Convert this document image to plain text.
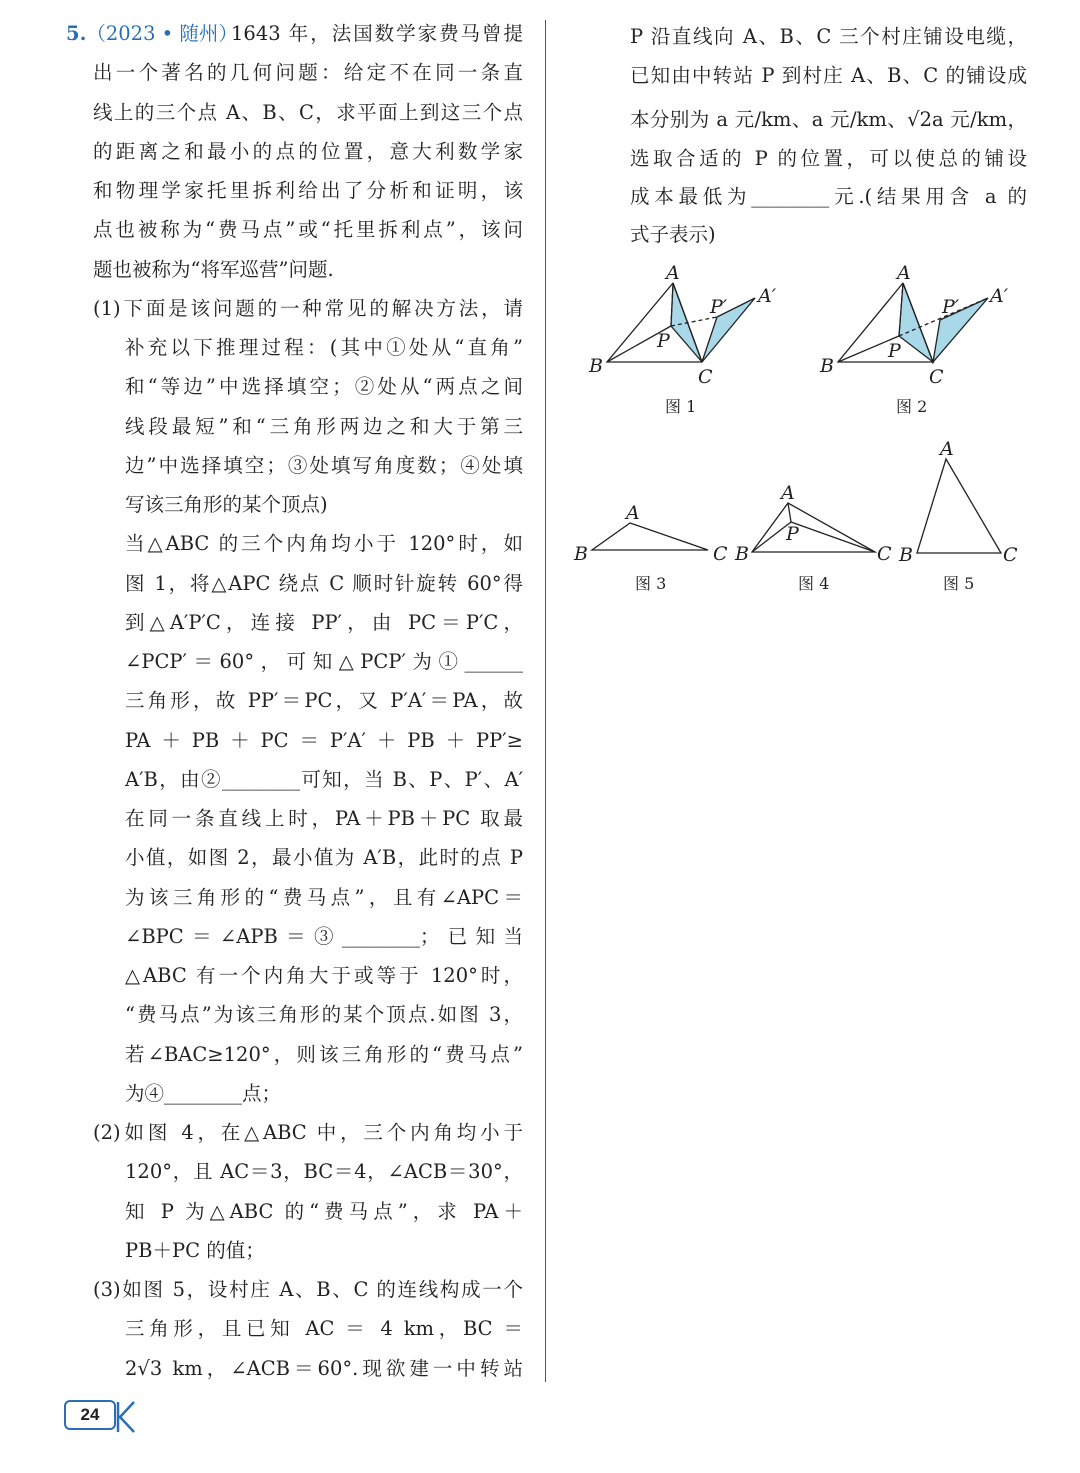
5.（2023 • 随州）
1643 年，法国数学家费马曾提
出一个著名的几何问题：给定不在同一条直
线上的三个点 A、B、C，求平面上到这三个点
的距离之和最小的点的位置，意大利数学家
和物理学家托里拆利给出了分析和证明，该
点也被称为“费马点”或“托里拆利点”，该问
题也被称为“将军巡营”问题.
(1)下面是该问题的一种常见的解决方法，请
补充以下推理过程：(其中①处从“直角”
和“等边”中选择填空；②处从“两点之间
线段最短”和“三角形两边之和大于第三
边”中选择填空；③处填写角度数；④处填
写该三角形的某个顶点)
当△ABC 的三个内角均小于 120°时，如
图 1，将△APC 绕点 C 顺时针旋转 60°得
到△A′P′C，连接 PP′，由 PC＝P′C，
∠PCP′＝60°，可知△PCP′为①______
三角形，故 PP′＝PC，又 P′A′＝PA，故
PA＋PB＋PC＝P′A′＋PB＋PP′≥
A′B，由②________可知，当 B、P、P′、A′
在同一条直线上时，PA＋PB＋PC 取最
小值，如图 2，最小值为 A′B，此时的点 P
为该三角形的“费马点”，且有∠APC＝
∠BPC＝∠APB＝③________；已知当
△ABC 有一个内角大于或等于 120°时，
“费马点”为该三角形的某个顶点.如图 3，
若∠BAC≥120°，则该三角形的“费马点”
为④________点；
(2)如图 4，在△ABC 中，三个内角均小于
120°，且 AC＝3，BC＝4，∠ACB＝30°，
知 P 为△ABC 的“费马点”，求 PA＋
PB＋PC 的值；
(3)如图 5，设村庄 A、B、C 的连线构成一个
三角形，且已知 AC ＝ 4 km，BC ＝
2√3 km，∠ACB＝60°.现欲建一中转站
P 沿直线向 A、B、C 三个村庄铺设电缆，
已知由中转站 P 到村庄 A、B、C 的铺设成
本分别为 a 元/km、a 元/km、√2a 元/km，
选取合适的 P 的位置，可以使总的铺设
成本最低为________元.(结果用含 a 的
式子表示)
A
B	C
P
P′ A′
图 1
A
B	C
P
P′ A′
图 2
A
B	C
图 3
A
B	C
P
图 4
A
B	C
图 5
24
